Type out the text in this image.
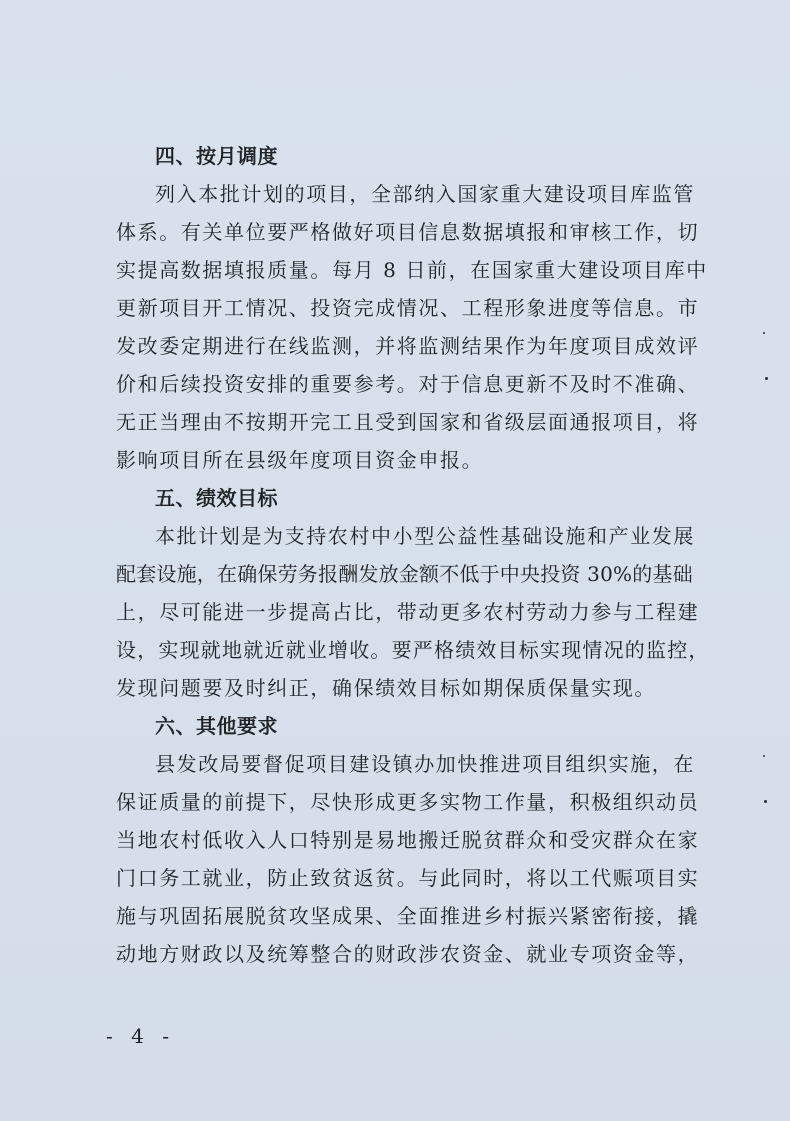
四、按月调度
列入本批计划的项目，全部纳入国家重大建设项目库监管
体系。有关单位要严格做好项目信息数据填报和审核工作，切
实提高数据填报质量。每月 8 日前，在国家重大建设项目库中
更新项目开工情况、投资完成情况、工程形象进度等信息。市
发改委定期进行在线监测，并将监测结果作为年度项目成效评
价和后续投资安排的重要参考。对于信息更新不及时不准确、
无正当理由不按期开完工且受到国家和省级层面通报项目，将
影响项目所在县级年度项目资金申报。
五、绩效目标
本批计划是为支持农村中小型公益性基础设施和产业发展
配套设施，在确保劳务报酬发放金额不低于中央投资 30%的基础
上，尽可能进一步提高占比，带动更多农村劳动力参与工程建
设，实现就地就近就业增收。要严格绩效目标实现情况的监控，
发现问题要及时纠正，确保绩效目标如期保质保量实现。
六、其他要求
县发改局要督促项目建设镇办加快推进项目组织实施，在
保证质量的前提下，尽快形成更多实物工作量，积极组织动员
当地农村低收入人口特别是易地搬迁脱贫群众和受灾群众在家
门口务工就业，防止致贫返贫。与此同时，将以工代赈项目实
施与巩固拓展脱贫攻坚成果、全面推进乡村振兴紧密衔接，撬
动地方财政以及统筹整合的财政涉农资金、就业专项资金等，
- 4 -
